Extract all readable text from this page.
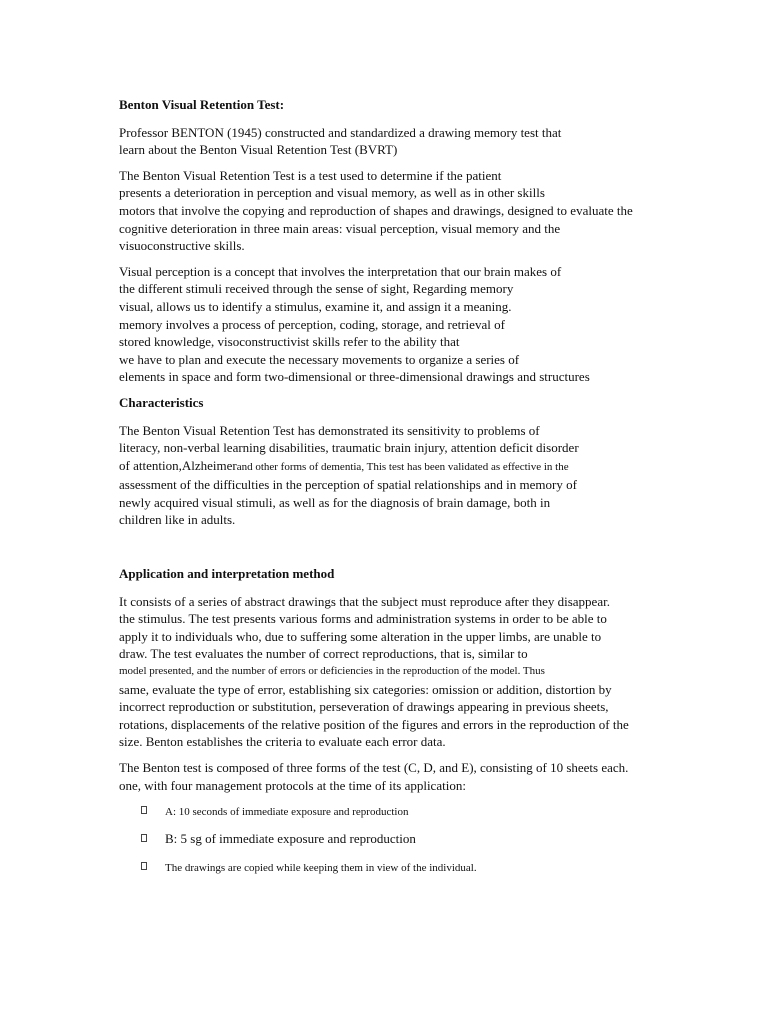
Benton Visual Retention Test:

Professor BENTON (1945) constructed and standardized a drawing memory test that
learn about the Benton Visual Retention Test (BVRT)

The Benton Visual Retention Test is a test used to determine if the patient
presents a deterioration in perception and visual memory, as well as in other skills
motors that involve the copying and reproduction of shapes and drawings, designed to evaluate the
cognitive deterioration in three main areas: visual perception, visual memory and the
visuoconstructive skills.

Visual perception is a concept that involves the interpretation that our brain makes of
the different stimuli received through the sense of sight, Regarding memory
visual, allows us to identify a stimulus, examine it, and assign it a meaning.
memory involves a process of perception, coding, storage, and retrieval of
stored knowledge, visoconstructivist skills refer to the ability that
we have to plan and execute the necessary movements to organize a series of
elements in space and form two-dimensional or three-dimensional drawings and structures

Characteristics

The Benton Visual Retention Test has demonstrated its sensitivity to problems of
literacy, non-verbal learning disabilities, traumatic brain injury, attention deficit disorder
of attention,Alzheimerand other forms of dementia, This test has been validated as effective in the
assessment of the difficulties in the perception of spatial relationships and in memory of
newly acquired visual stimuli, as well as for the diagnosis of brain damage, both in
children like in adults.

Application and interpretation method

It consists of a series of abstract drawings that the subject must reproduce after they disappear.
the stimulus. The test presents various forms and administration systems in order to be able to
apply it to individuals who, due to suffering some alteration in the upper limbs, are unable to
draw. The test evaluates the number of correct reproductions, that is, similar to
model presented, and the number of errors or deficiencies in the reproduction of the model. Thus
same, evaluate the type of error, establishing six categories: omission or addition, distortion by
incorrect reproduction or substitution, perseveration of drawings appearing in previous sheets,
rotations, displacements of the relative position of the figures and errors in the reproduction of the
size. Benton establishes the criteria to evaluate each error data.

The Benton test is composed of three forms of the test (C, D, and E), consisting of 10 sheets each.
one, with four management protocols at the time of its application:

A: 10 seconds of immediate exposure and reproduction
B: 5 sg of immediate exposure and reproduction
The drawings are copied while keeping them in view of the individual.
